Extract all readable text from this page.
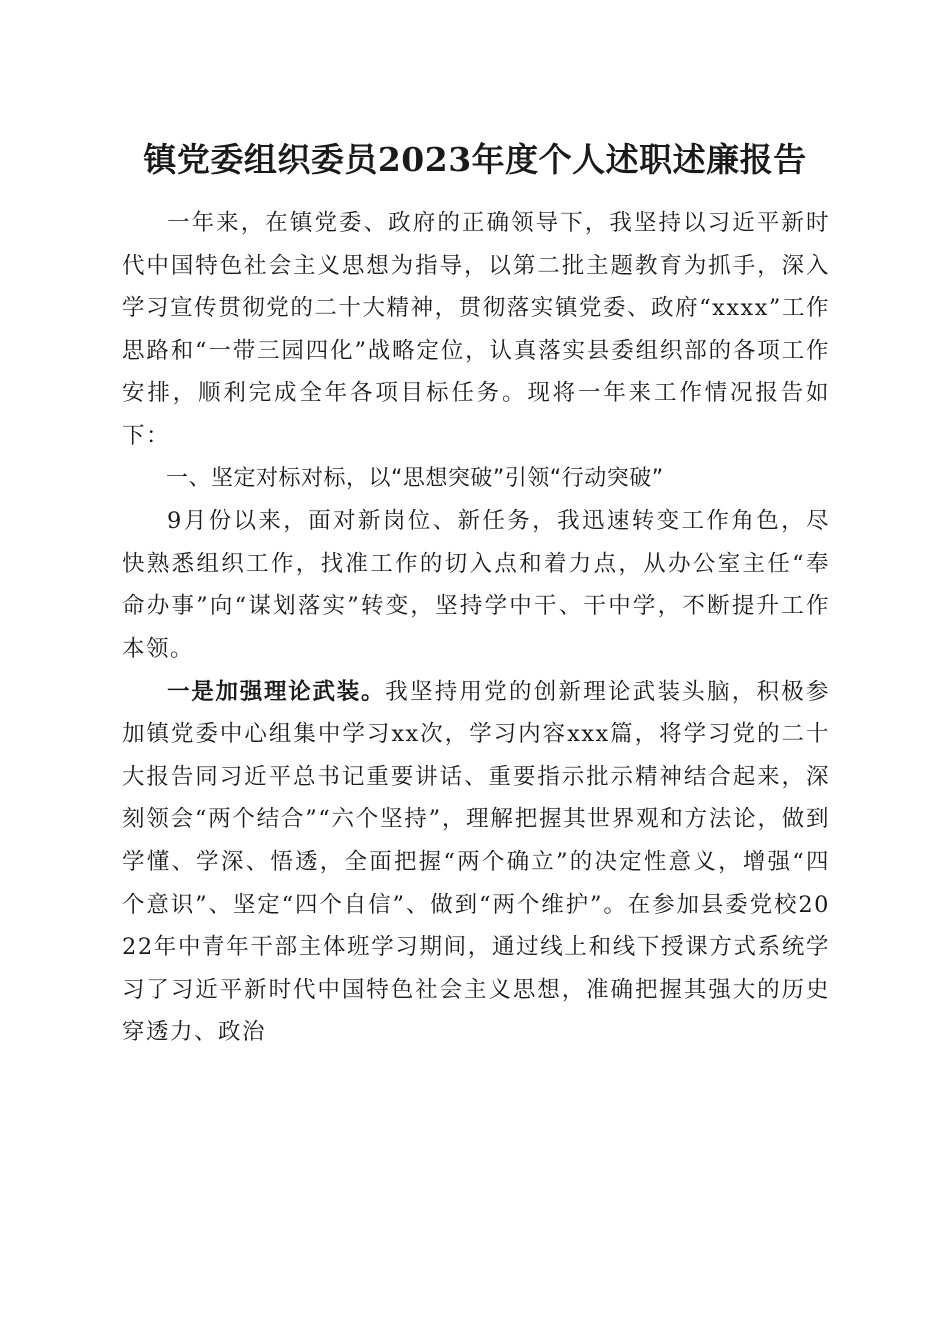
镇党委组织委员2023年度个人述职述廉报告

一年来，在镇党委、政府的正确领导下，我坚持以习近平新时代中国特色社会主义思想为指导，以第二批主题教育为抓手，深入学习宣传贯彻党的二十大精神，贯彻落实镇党委、政府“xxxx”工作思路和“一带三园四化”战略定位，认真落实县委组织部的各项工作安排，顺利完成全年各项目标任务。现将一年来工作情况报告如下：

一、坚定对标对标，以“思想突破”引领“行动突破”

9月份以来，面对新岗位、新任务，我迅速转变工作角色，尽快熟悉组织工作，找准工作的切入点和着力点，从办公室主任“奉命办事”向“谋划落实”转变，坚持学中干、干中学，不断提升工作本领。

一是加强理论武装。我坚持用党的创新理论武装头脑，积极参加镇党委中心组集中学习xx次，学习内容xxx篇，将学习党的二十大报告同习近平总书记重要讲话、重要指示批示精神结合起来，深刻领会“两个结合”“六个坚持”，理解把握其世界观和方法论，做到学懂、学深、悟透，全面把握“两个确立”的决定性意义，增强“四个意识”、坚定“四个自信”、做到“两个维护”。在参加县委党校2022年中青年干部主体班学习期间，通过线上和线下授课方式系统学习了习近平新时代中国特色社会主义思想，准确把握其强大的历史穿透力、政治
